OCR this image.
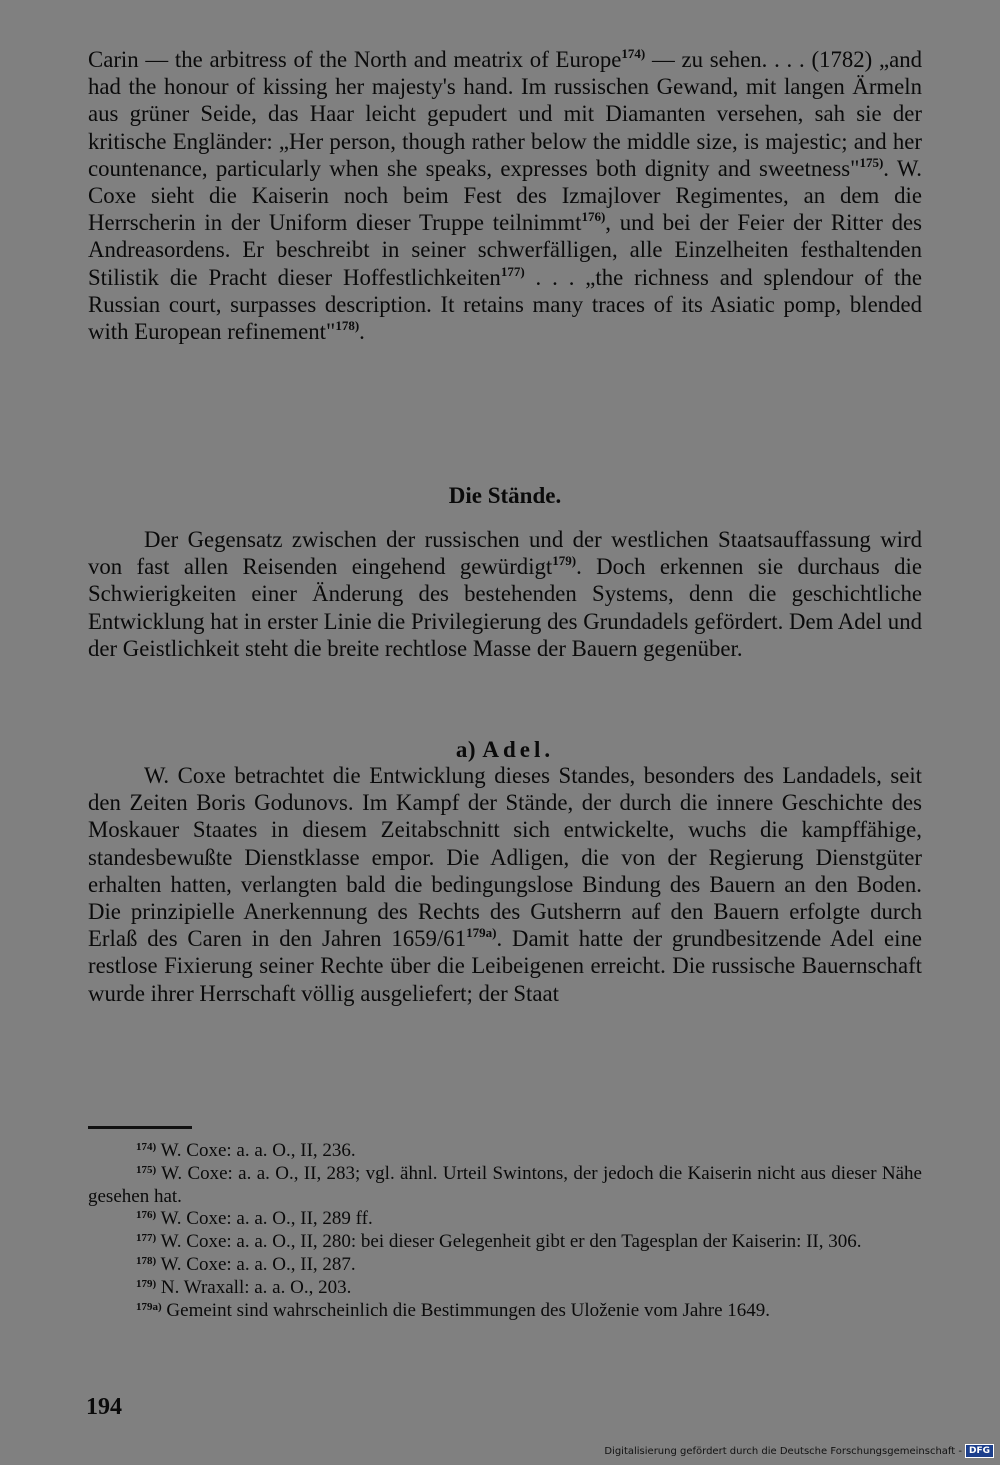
Carin — the arbitress of the North and meatrix of Europe$^{174)}$ — zu sehen. . . . (1782) „and had the honour of kissing her majesty's hand. Im russischen Gewand, mit langen Ärmeln aus grüner Seide, das Haar leicht gepudert und mit Diamanten versehen, sah sie der kritische Engländer: „Her person, though rather below the middle size, is majestic; and her countenance, particularly when she speaks, expresses both dignity and sweetness"$^{175)}$. W. Coxe sieht die Kaiserin noch beim Fest des Izmajlover Regimentes, an dem die Herrscherin in der Uniform dieser Truppe teilnimmt$^{176)}$, und bei der Feier der Ritter des Andreasordens. Er beschreibt in seiner schwerfälligen, alle Einzelheiten festhaltenden Stilistik die Pracht dieser Hoffestlichkeiten$^{177)}$ . . . „the richness and splendour of the Russian court, surpasses description. It retains many traces of its Asiatic pomp, blended with European refinement"$^{178)}$.

Die Stände.

Der Gegensatz zwischen der russischen und der westlichen Staatsauffassung wird von fast allen Reisenden eingehend gewürdigt$^{179)}$. Doch erkennen sie durchaus die Schwierigkeiten einer Änderung des bestehenden Systems, denn die geschichtliche Entwicklung hat in erster Linie die Privilegierung des Grundadels gefördert. Dem Adel und der Geistlichkeit steht die breite rechtlose Masse der Bauern gegenüber.

a) Adel.

W. Coxe betrachtet die Entwicklung dieses Standes, besonders des Landadels, seit den Zeiten Boris Godunovs. Im Kampf der Stände, der durch die innere Geschichte des Moskauer Staates in diesem Zeitabschnitt sich entwickelte, wuchs die kampffähige, standesbewußte Dienstklasse empor. Die Adligen, die von der Regierung Dienstgüter erhalten hatten, verlangten bald die bedingungslose Bindung des Bauern an den Boden. Die prinzipielle Anerkennung des Rechts des Gutsherrn auf den Bauern erfolgte durch Erlaß des Caren in den Jahren 1659/61$^{179a)}$. Damit hatte der grundbesitzende Adel eine restlose Fixierung seiner Rechte über die Leibeigenen erreicht. Die russische Bauernschaft wurde ihrer Herrschaft völlig ausgeliefert; der Staat

$^{174)}$ W. Coxe: a. a. O., II, 236.
$^{175)}$ W. Coxe: a. a. O., II, 283; vgl. ähnl. Urteil Swintons, der jedoch die Kaiserin nicht aus dieser Nähe gesehen hat.
$^{176)}$ W. Coxe: a. a. O., II, 289 ff.
$^{177)}$ W. Coxe: a. a. O., II, 280: bei dieser Gelegenheit gibt er den Tagesplan der Kaiserin: II, 306.
$^{178)}$ W. Coxe: a. a. O., II, 287.
$^{179)}$ N. Wraxall: a. a. O., 203.
$^{179a)}$ Gemeint sind wahrscheinlich die Bestimmungen des Uloženie vom Jahre 1649.
194
Digitalisierung gefördert durch die Deutsche Forschungsgemeinschaft - DFG
